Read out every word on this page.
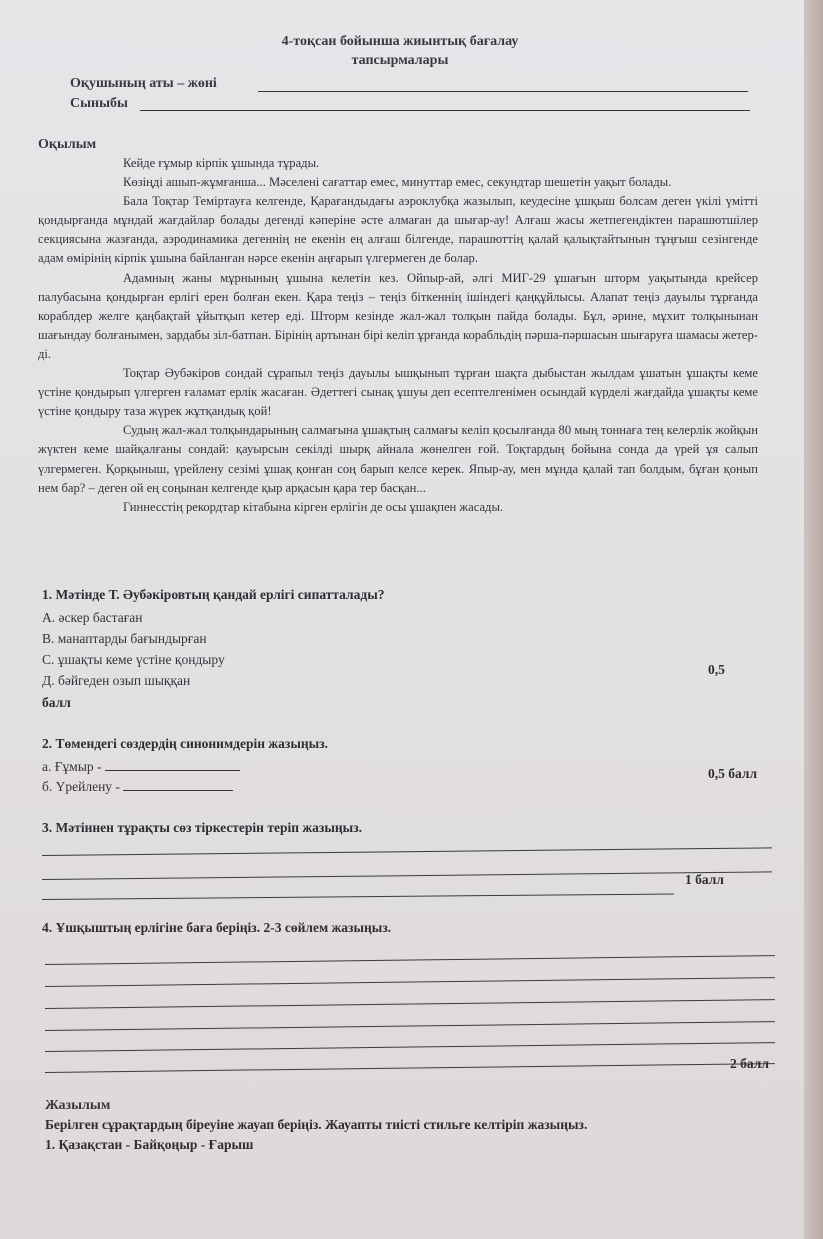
4-тоқсан бойынша жиынтық бағалау
тапсырмалары
Оқушының аты – жөні
Сыныбы
Оқылым

Кейде ғұмыр кірпік ұшында тұрады.

Көзіңді ашып-жұмғанша... Мәселені сағаттар емес, минуттар емес, секундтар шешетін уақыт болады.

Бала Тоқтар Теміртауға келгенде, Қарағандыдағы аэроклубқа жазылып, кеудесіне ұшқыш болсам деген үкілі үмітті қондырғанда мұндай жағдайлар болады дегенді кәперіне әсте алмаған да шығар-ау! Алғаш жасы жетпегендіктен парашютшілер секциясына жазғанда, аэродинамика дегеннің не екенін ең алғаш білгенде, парашюттің қалай қалықтайтынын тұңғыш сезінгенде адам өмірінің кірпік ұшына байланған нәрсе екенін аңғарып үлгермеген де болар.

Адамның жаны мұрнының ұшына келетін кез. Ойпыр-ай, әлгі МИГ-29 ұшағын шторм уақытында крейсер палубасына қондырған ерлігі ерен болған екен. Қара теңіз – теңіз біткеннің ішіндегі қаңқұйлысы. Алапат теңіз дауылы тұрғанда кораблдер желге қаңбақтай ұйытқып кетер еді. Шторм кезінде жал-жал толқын пайда болады. Бұл, әрине, мұхит толқынынан шағындау болғанымен, зардабы зіл-батпан. Бірінің артынан бірі келіп ұрғанда корабльдің пәрша-пәршасын шығаруға шамасы жетер-ді.

Тоқтар Әубәкіров сондай сұрапыл теңіз дауылы ышқынып тұрған шақта дыбыстан жылдам ұшатын ұшақты кеме үстіне қондырып үлгерген ғаламат ерлік жасаған. Әдеттегі сынақ ұшуы деп есептелгенімен осындай күрделі жағдайда ұшақты кеме үстіне қондыру таза жүрек жұтқандық қой!

Судың жал-жал толқындарының салмағына ұшақтың салмағы келіп қосылғанда 80 мың тоннаға тең келерлік жойқын жүктен кеме шайқалғаны сондай: қауырсын секілді шырқ айнала жөнелген ғой. Тоқтардың бойына сонда да үрей ұя салып үлгермеген. Қорқыныш, үрейлену сезімі ұшақ қонған соң барып келсе керек. Япыр-ау, мен мұнда қалай тап болдым, бұған қонып нем бар? – деген ой ең соңынан келгенде қыр арқасын қара тер басқан...

Гиннесстің рекордтар кітабына кірген ерлігін де осы ұшақпен жасады.

1. Мәтінде Т. Әубәкіровтың қандай ерлігі сипатталады?
А. әскер бастаған
В. манаптарды бағындырған
С. ұшақты кеме үстіне қондыру
Д. бәйгеден озып шыққан
0,5
балл
2. Төмендегі сөздердің синонимдерін жазыңыз.
а. Ғұмыр -
б. Үрейлену -
0,5 балл
3. Мәтіннен тұрақты сөз тіркестерін теріп жазыңыз.
1 балл
4. Ұшқыштың ерлігіне баға беріңіз. 2-3 сөйлем жазыңыз.
2 балл
Жазылым
Берілген сұрақтардың біреуіне жауап беріңіз. Жауапты тиісті стильге келтіріп жазыңыз.
1. Қазақстан - Байқоңыр - Ғарыш
